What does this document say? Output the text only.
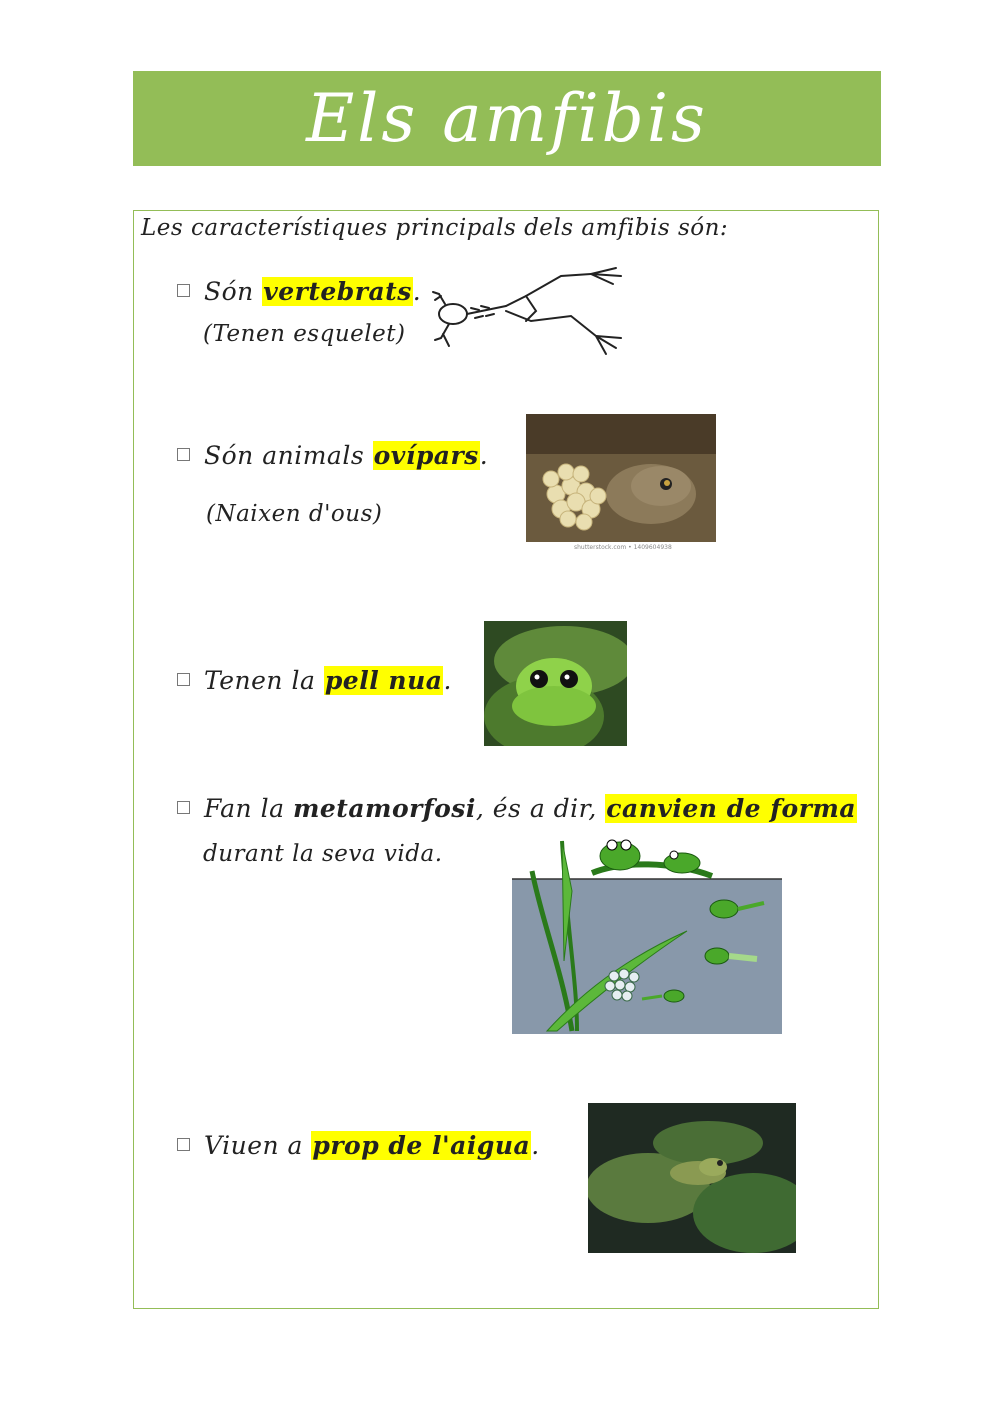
Els amfibis
Les característiques principals dels amfibis són:
Són vertebrats.
(Tenen esquelet)
Són animals ovípars.
(Naixen d'ous)
shutterstock.com • 1409604938
Tenen la pell nua.
Fan la metamorfosi, és a dir, canvien de forma
durant la seva vida.
Viuen a prop de l'aigua.
